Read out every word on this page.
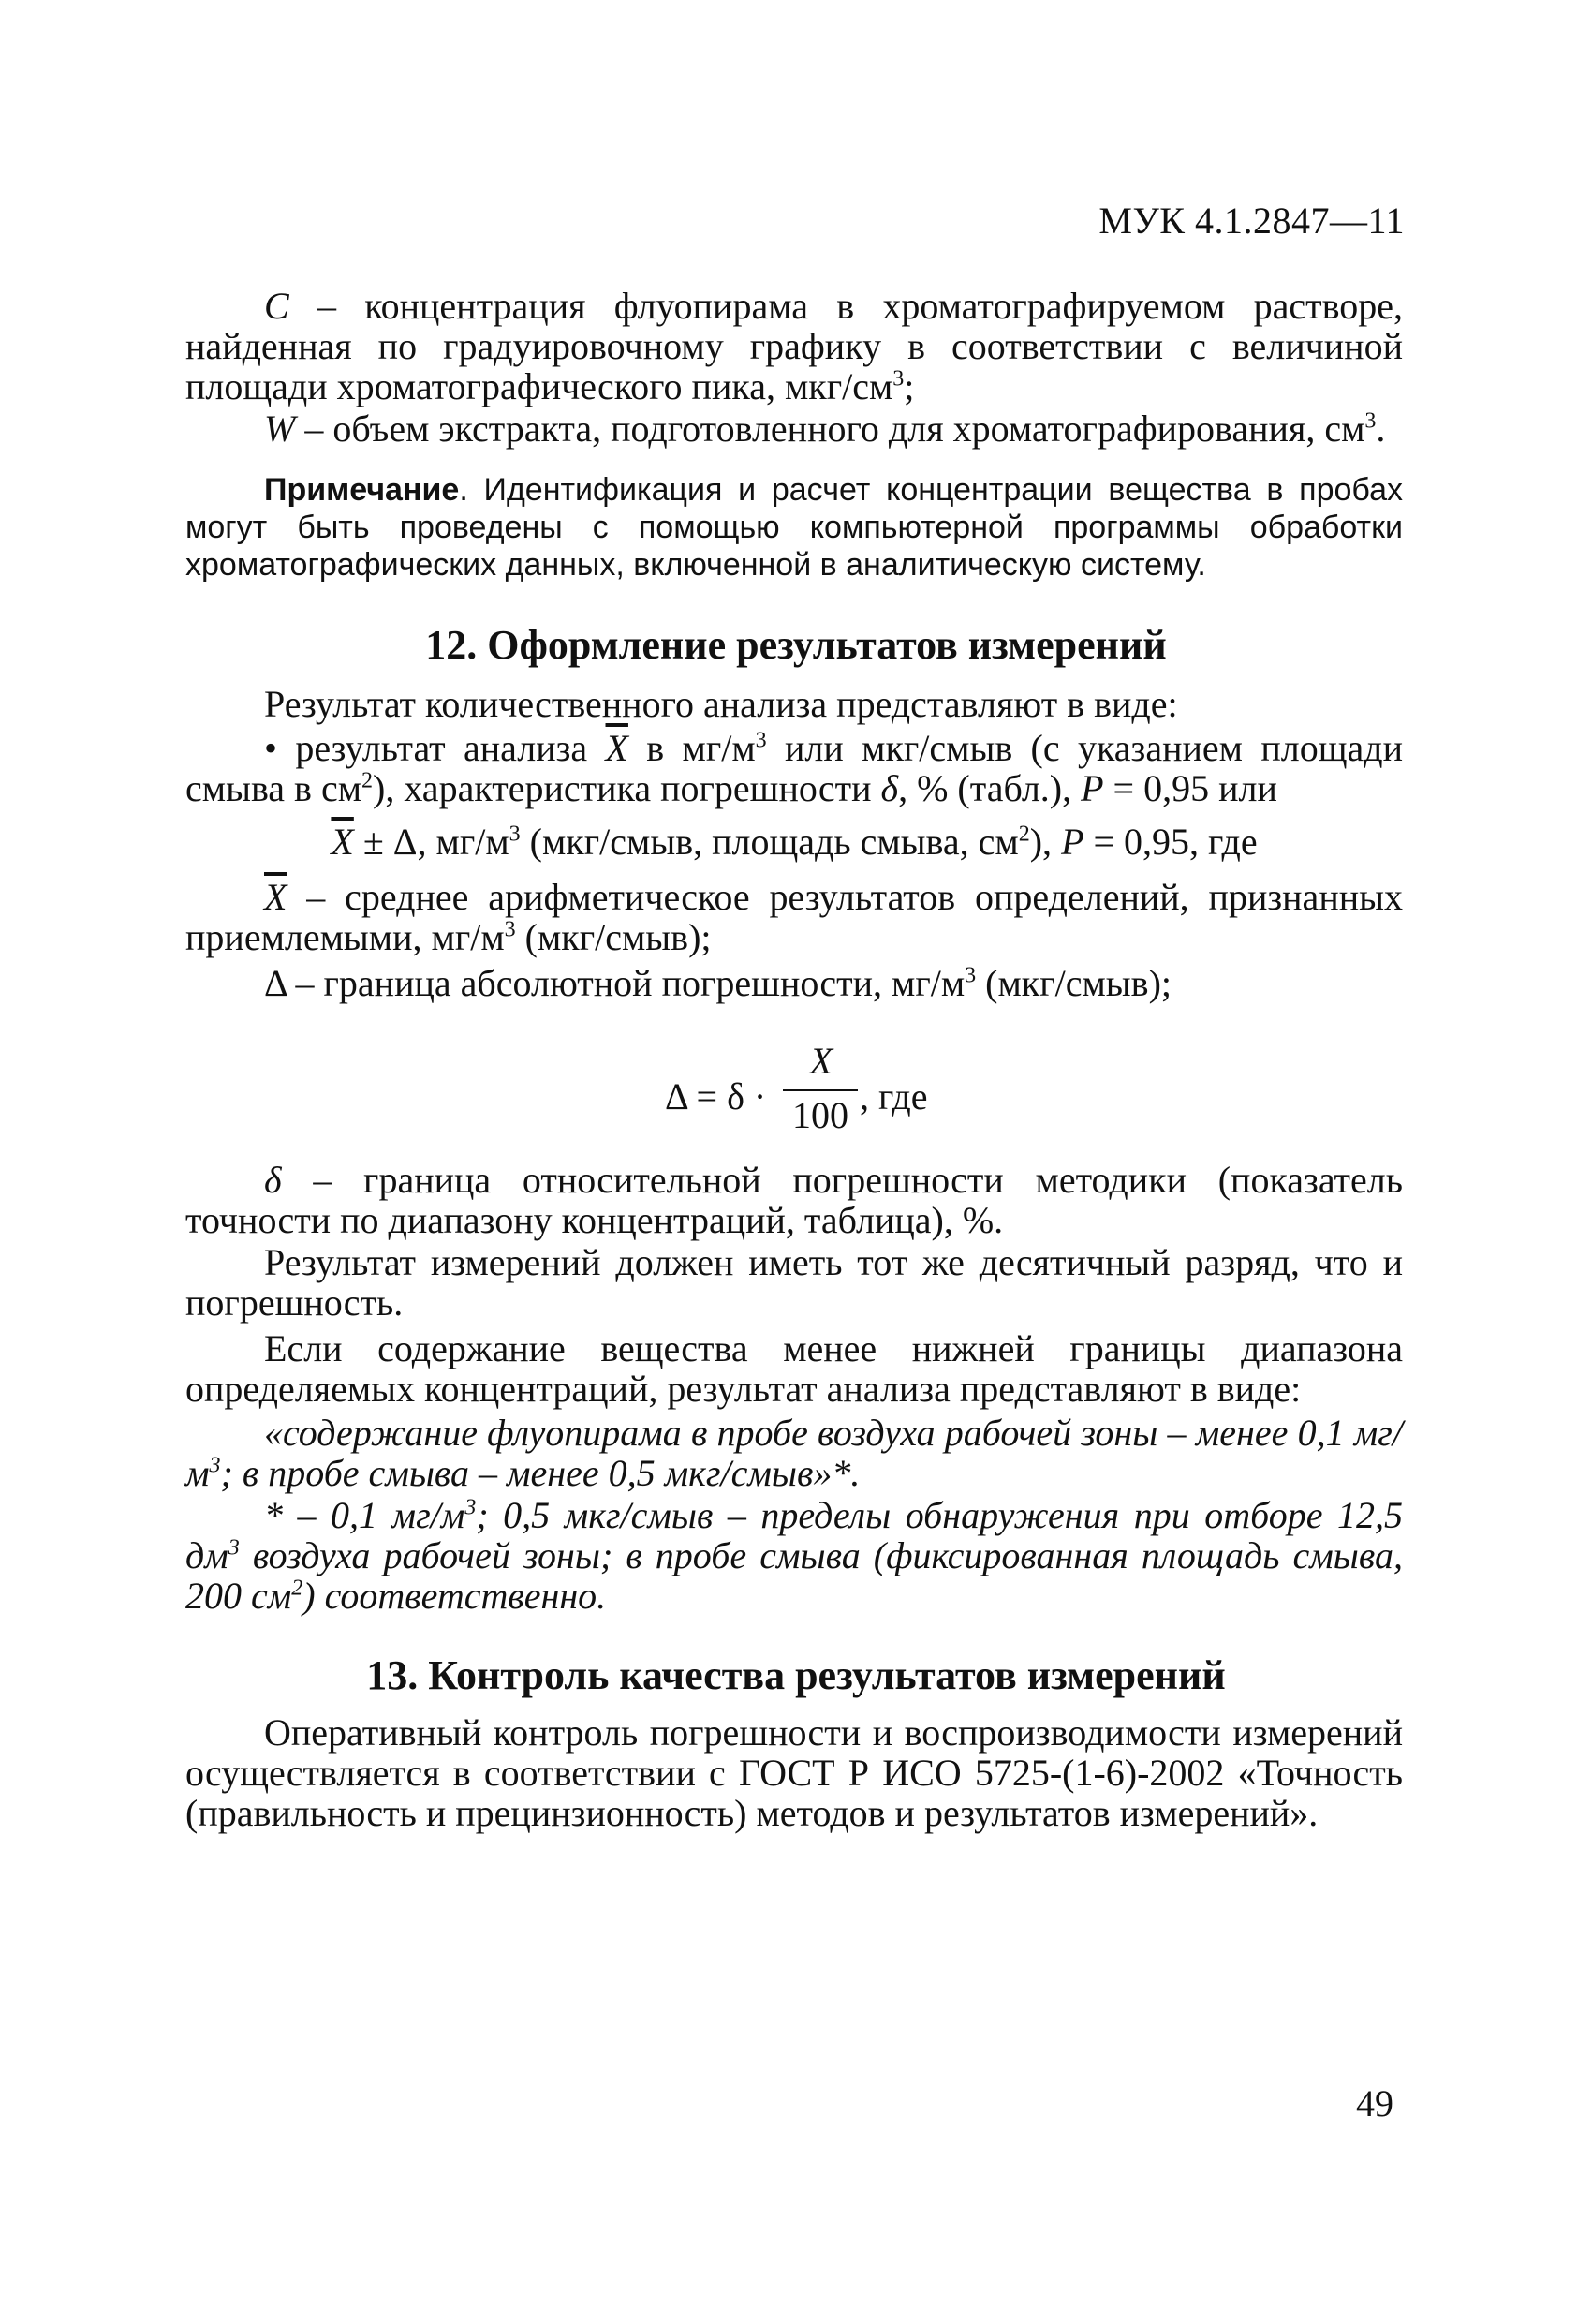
МУК 4.1.2847—11

C – концентрация флуопирама в хроматографируемом растворе, найденная по градуировочному графику в соответствии с величиной площади хроматографического пика, мкг/$см^3$;

W – объем экстракта, подготовленного для хроматографирования, $см^3$.

Примечание. Идентификация и расчет концентрации вещества в пробах могут быть проведены с помощью компьютерной программы обработки хроматографических данных, включенной в аналитическую систему.

12. Оформление результатов измерений

Результат количественного анализа представляют в виде:

• результат анализа $\overline{X}$ в $мг/м^3$ или мкг/смыв (с указанием площади смыва в $см^2$), характеристика погрешности δ, % (табл.), P = 0,95 или

$\overline{X} \pm \Delta$, $мг/м^3$ (мкг/смыв, площадь смыва, $см^2$), P = 0,95, где

$\overline{X}$ – среднее арифметическое результатов определений, признанных приемлемыми, $мг/м^3$ (мкг/смыв);

Δ – граница абсолютной погрешности, $мг/м^3$ (мкг/смыв);

Δ = δ ·
X
100 , где

δ – граница относительной погрешности методики (показатель точности по диапазону концентраций, таблица), %.

Результат измерений должен иметь тот же десятичный разряд, что и погрешность.

Если содержание вещества менее нижней границы диапазона определяемых концентраций, результат анализа представляют в виде:

«содержание флуопирама в пробе воздуха рабочей зоны – менее 0,1 $мг/м^3$; в пробе смыва – менее 0,5 мкг/смыв»*.

* – 0,1 $мг/м^3$; 0,5 мкг/смыв – пределы обнаружения при отборе 12,5 $дм^3$ воздуха рабочей зоны; в пробе смыва (фиксированная площадь смыва, 200 $см^2$) соответственно.

13. Контроль качества результатов измерений

Оперативный контроль погрешности и воспроизводимости измерений осуществляется в соответствии с ГОСТ Р ИСО 5725-(1-6)-2002 «Точность (правильность и прецинзионность) методов и результатов измерений».

49
